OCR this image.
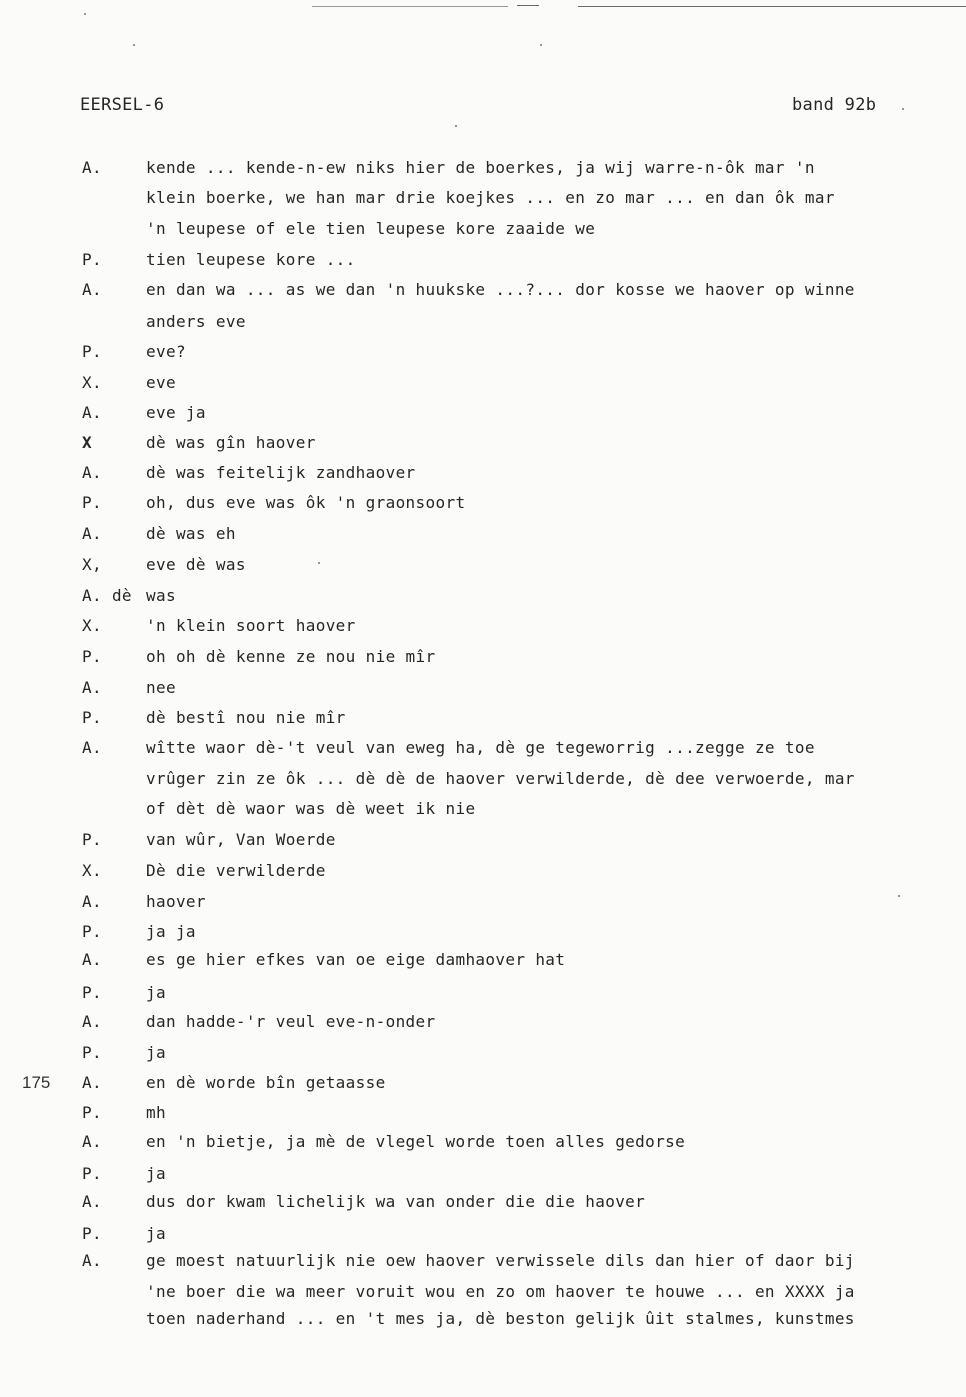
EERSEL-6	band 92b
175
A.	kende ... kende-n-ew niks hier de boerkes, ja wij warre-n-ôk mar 'n
klein boerke, we han mar drie koejkes ... en zo mar ... en dan ôk mar
'n leupese of ele tien leupese kore zaaide we
P.	tien leupese kore ...
A.	en dan wa ... as we dan 'n huukske ...?... dor kosse we haover op winne
anders eve
P.	eve?
X.	eve
A.	eve ja
X	dè was gîn haover
A.	dè was feitelijk zandhaover
P.	oh, dus eve was ôk 'n graonsoort
A.	dè was eh
X,	eve dè was
A. dè was
X.	'n klein soort haover
P.	oh oh dè kenne ze nou nie mîr
A.	nee
P.	dè bestî nou nie mîr
A.	wîtte waor dè-'t veul van eweg ha, dè ge tegeworrig ...zegge ze toe
vrûger zin ze ôk ... dè dè de haover verwilderde, dè dee verwoerde, mar
of dèt dè waor was dè weet ik nie
P.	van wûr, Van Woerde
X.	Dè die verwilderde
A.	haover
P.	ja ja
A.	es ge hier efkes van oe eige damhaover hat
P.	ja
A.	dan hadde-'r veul eve-n-onder
P.	ja
A.	en dè worde bîn getaasse
P.	mh
A.	en 'n bietje, ja mè de vlegel worde toen alles gedorse
P.	ja
A.	dus dor kwam lichelijk wa van onder die die haover
P.	ja
A.	ge moest natuurlijk nie oew haover verwissele dils dan hier of daor bij
'ne boer die wa meer voruit wou en zo om haover te houwe ... en XXXX ja
toen naderhand ... en 't mes ja, dè beston gelijk ûit stalmes, kunstmes
